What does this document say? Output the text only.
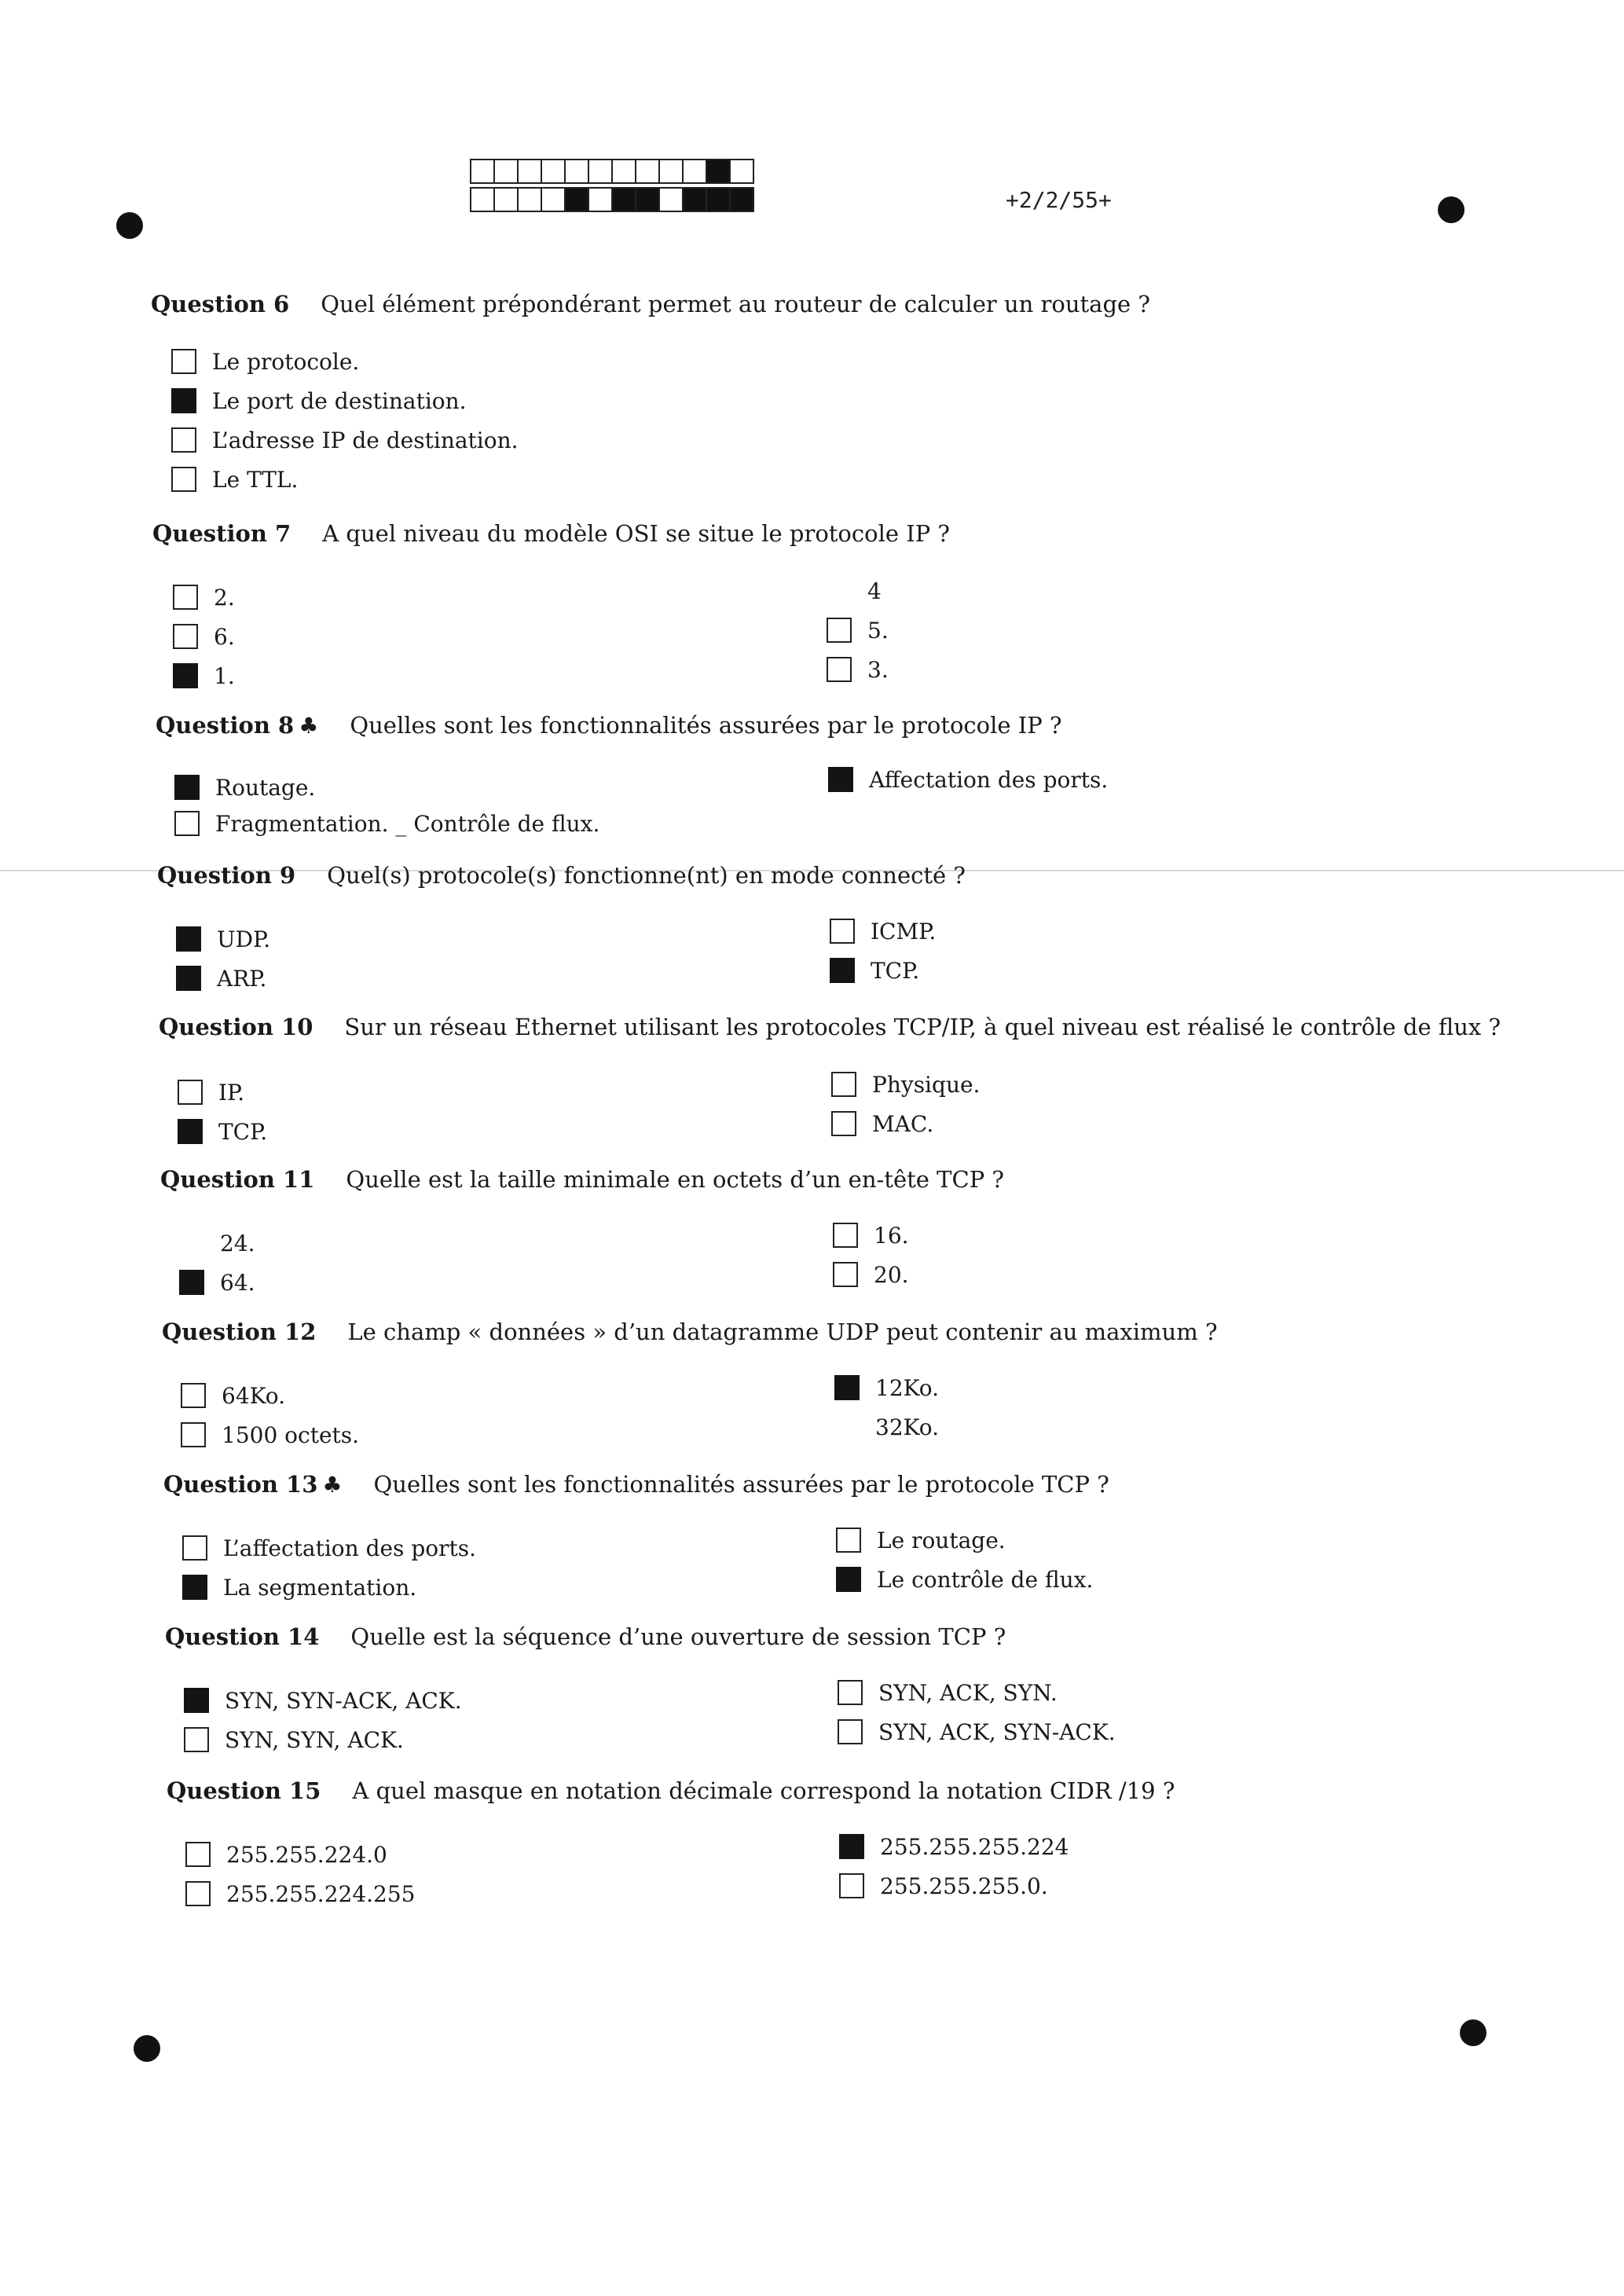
+2/2/55+
Question 6 Quel élément prépondérant permet au routeur de calculer un routage ?
Le protocole.
Le port de destination.
L’adresse IP de destination.
Le TTL.
Question 7 A quel niveau du modèle OSI se situe le protocole IP ?
2.
6.
1.
4
5.
3.
Question 8 ♣ Quelles sont les fonctionnalités assurées par le protocole IP ?
Routage.
Fragmentation. _ Contrôle de flux.
Affectation des ports.
Question 9 Quel(s) protocole(s) fonctionne(nt) en mode connecté ?
UDP.
ARP.
ICMP.
TCP.
Question 10 Sur un réseau Ethernet utilisant les protocoles TCP/IP, à quel niveau est réalisé le contrôle de flux ?
IP.
TCP.
Physique.
MAC.
Question 11 Quelle est la taille minimale en octets d’un en-tête TCP ?
24.
64.
16.
20.
Question 12 Le champ « données » d’un datagramme UDP peut contenir au maximum ?
64Ko.
1500 octets.
12Ko.
32Ko.
Question 13 ♣ Quelles sont les fonctionnalités assurées par le protocole TCP ?
L’affectation des ports.
La segmentation.
Le routage.
Le contrôle de flux.
Question 14 Quelle est la séquence d’une ouverture de session TCP ?
SYN, SYN-ACK, ACK.
SYN, SYN, ACK.
SYN, ACK, SYN.
SYN, ACK, SYN-ACK.
Question 15 A quel masque en notation décimale correspond la notation CIDR /19 ?
255.255.224.0
255.255.224.255
255.255.255.224
255.255.255.0.
